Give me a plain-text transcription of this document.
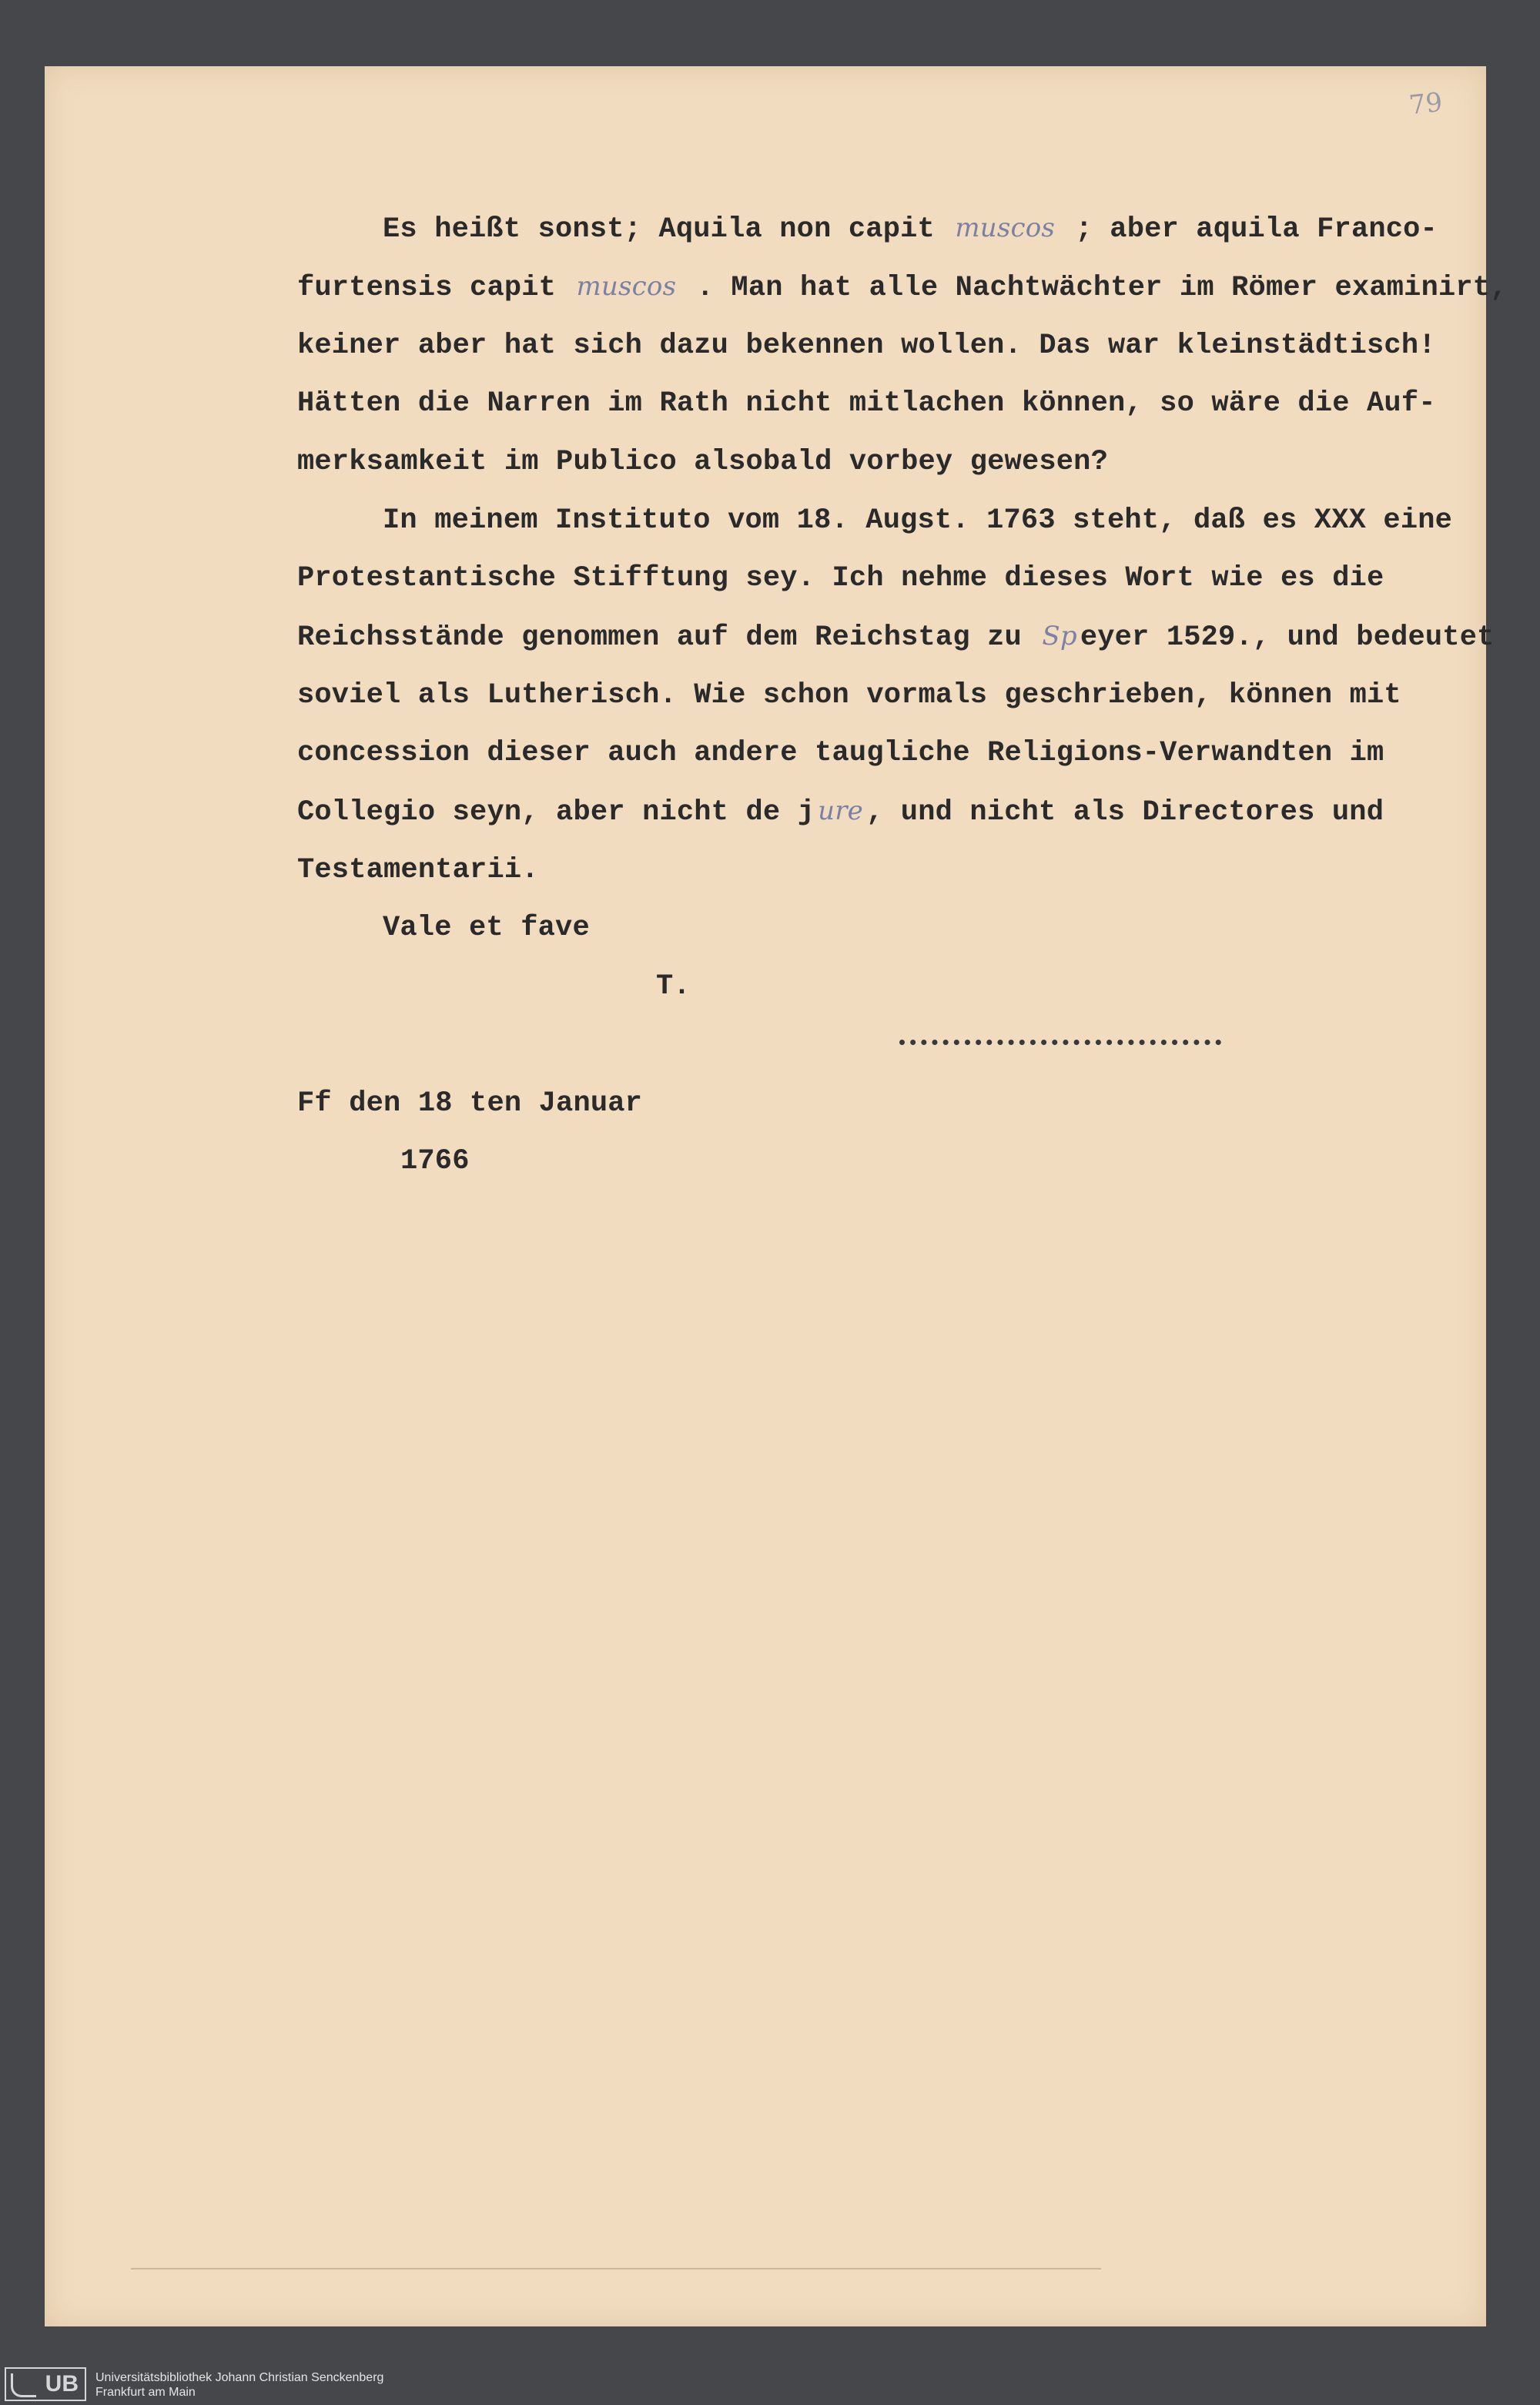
79
Es heißt sonst; Aquila non capit muscos ; aber aquila Franco-
furtensis capit muscos . Man hat alle Nachtwächter im Römer examinirt,
keiner aber hat sich dazu bekennen wollen. Das war kleinstädtisch!
Hätten die Narren im Rath nicht mitlachen können, so wäre die Auf-
merksamkeit im Publico alsobald vorbey gewesen?
In meinem Instituto vom 18. Augst. 1763 steht, daß es XXX eine
Protestantische Stifftung sey. Ich nehme dieses Wort wie es die
Reichsstände genommen auf dem Reichstag zu Sp eyer 1529., und bedeutet
soviel als Lutherisch. Wie schon vormals geschrieben, können mit
concession dieser auch andere taugliche Religions-Verwandten im
Collegio seyn, aber nicht de j ure , und nicht als Directores und
Testamentarii.
Vale et fave
T.
Ff den 18 ten Januar
1766
UB	Universitätsbibliothek Johann Christian Senckenberg
Frankfurt am Main
